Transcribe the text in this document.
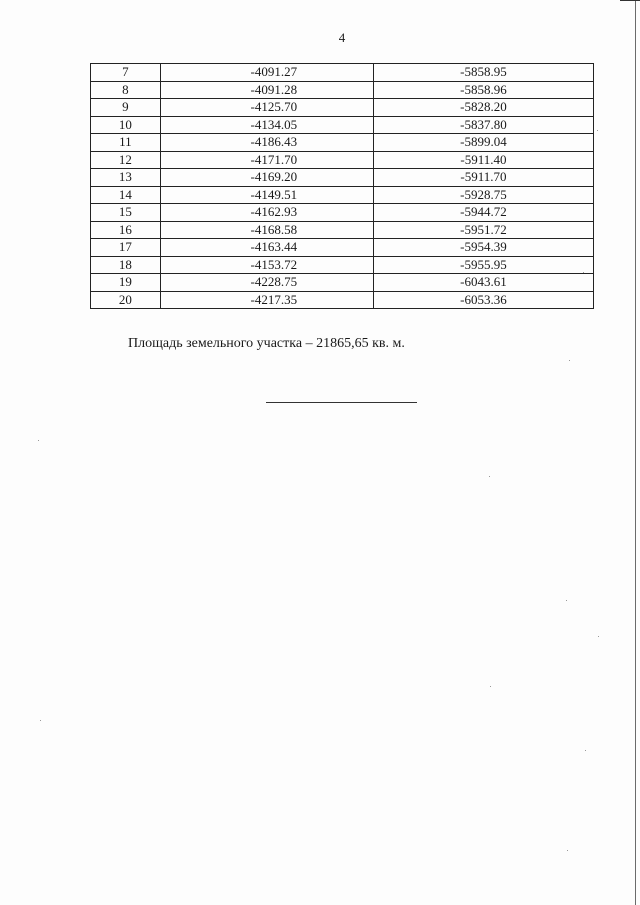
4
7	-4091.27	-5858.95
8	-4091.28	-5858.96
9	-4125.70	-5828.20
10	-4134.05	-5837.80
11	-4186.43	-5899.04
12	-4171.70	-5911.40
13	-4169.20	-5911.70
14	-4149.51	-5928.75
15	-4162.93	-5944.72
16	-4168.58	-5951.72
17	-4163.44	-5954.39
18	-4153.72	-5955.95
19	-4228.75	-6043.61
20	-4217.35	-6053.36
Площадь земельного участка – 21865,65 кв. м.
